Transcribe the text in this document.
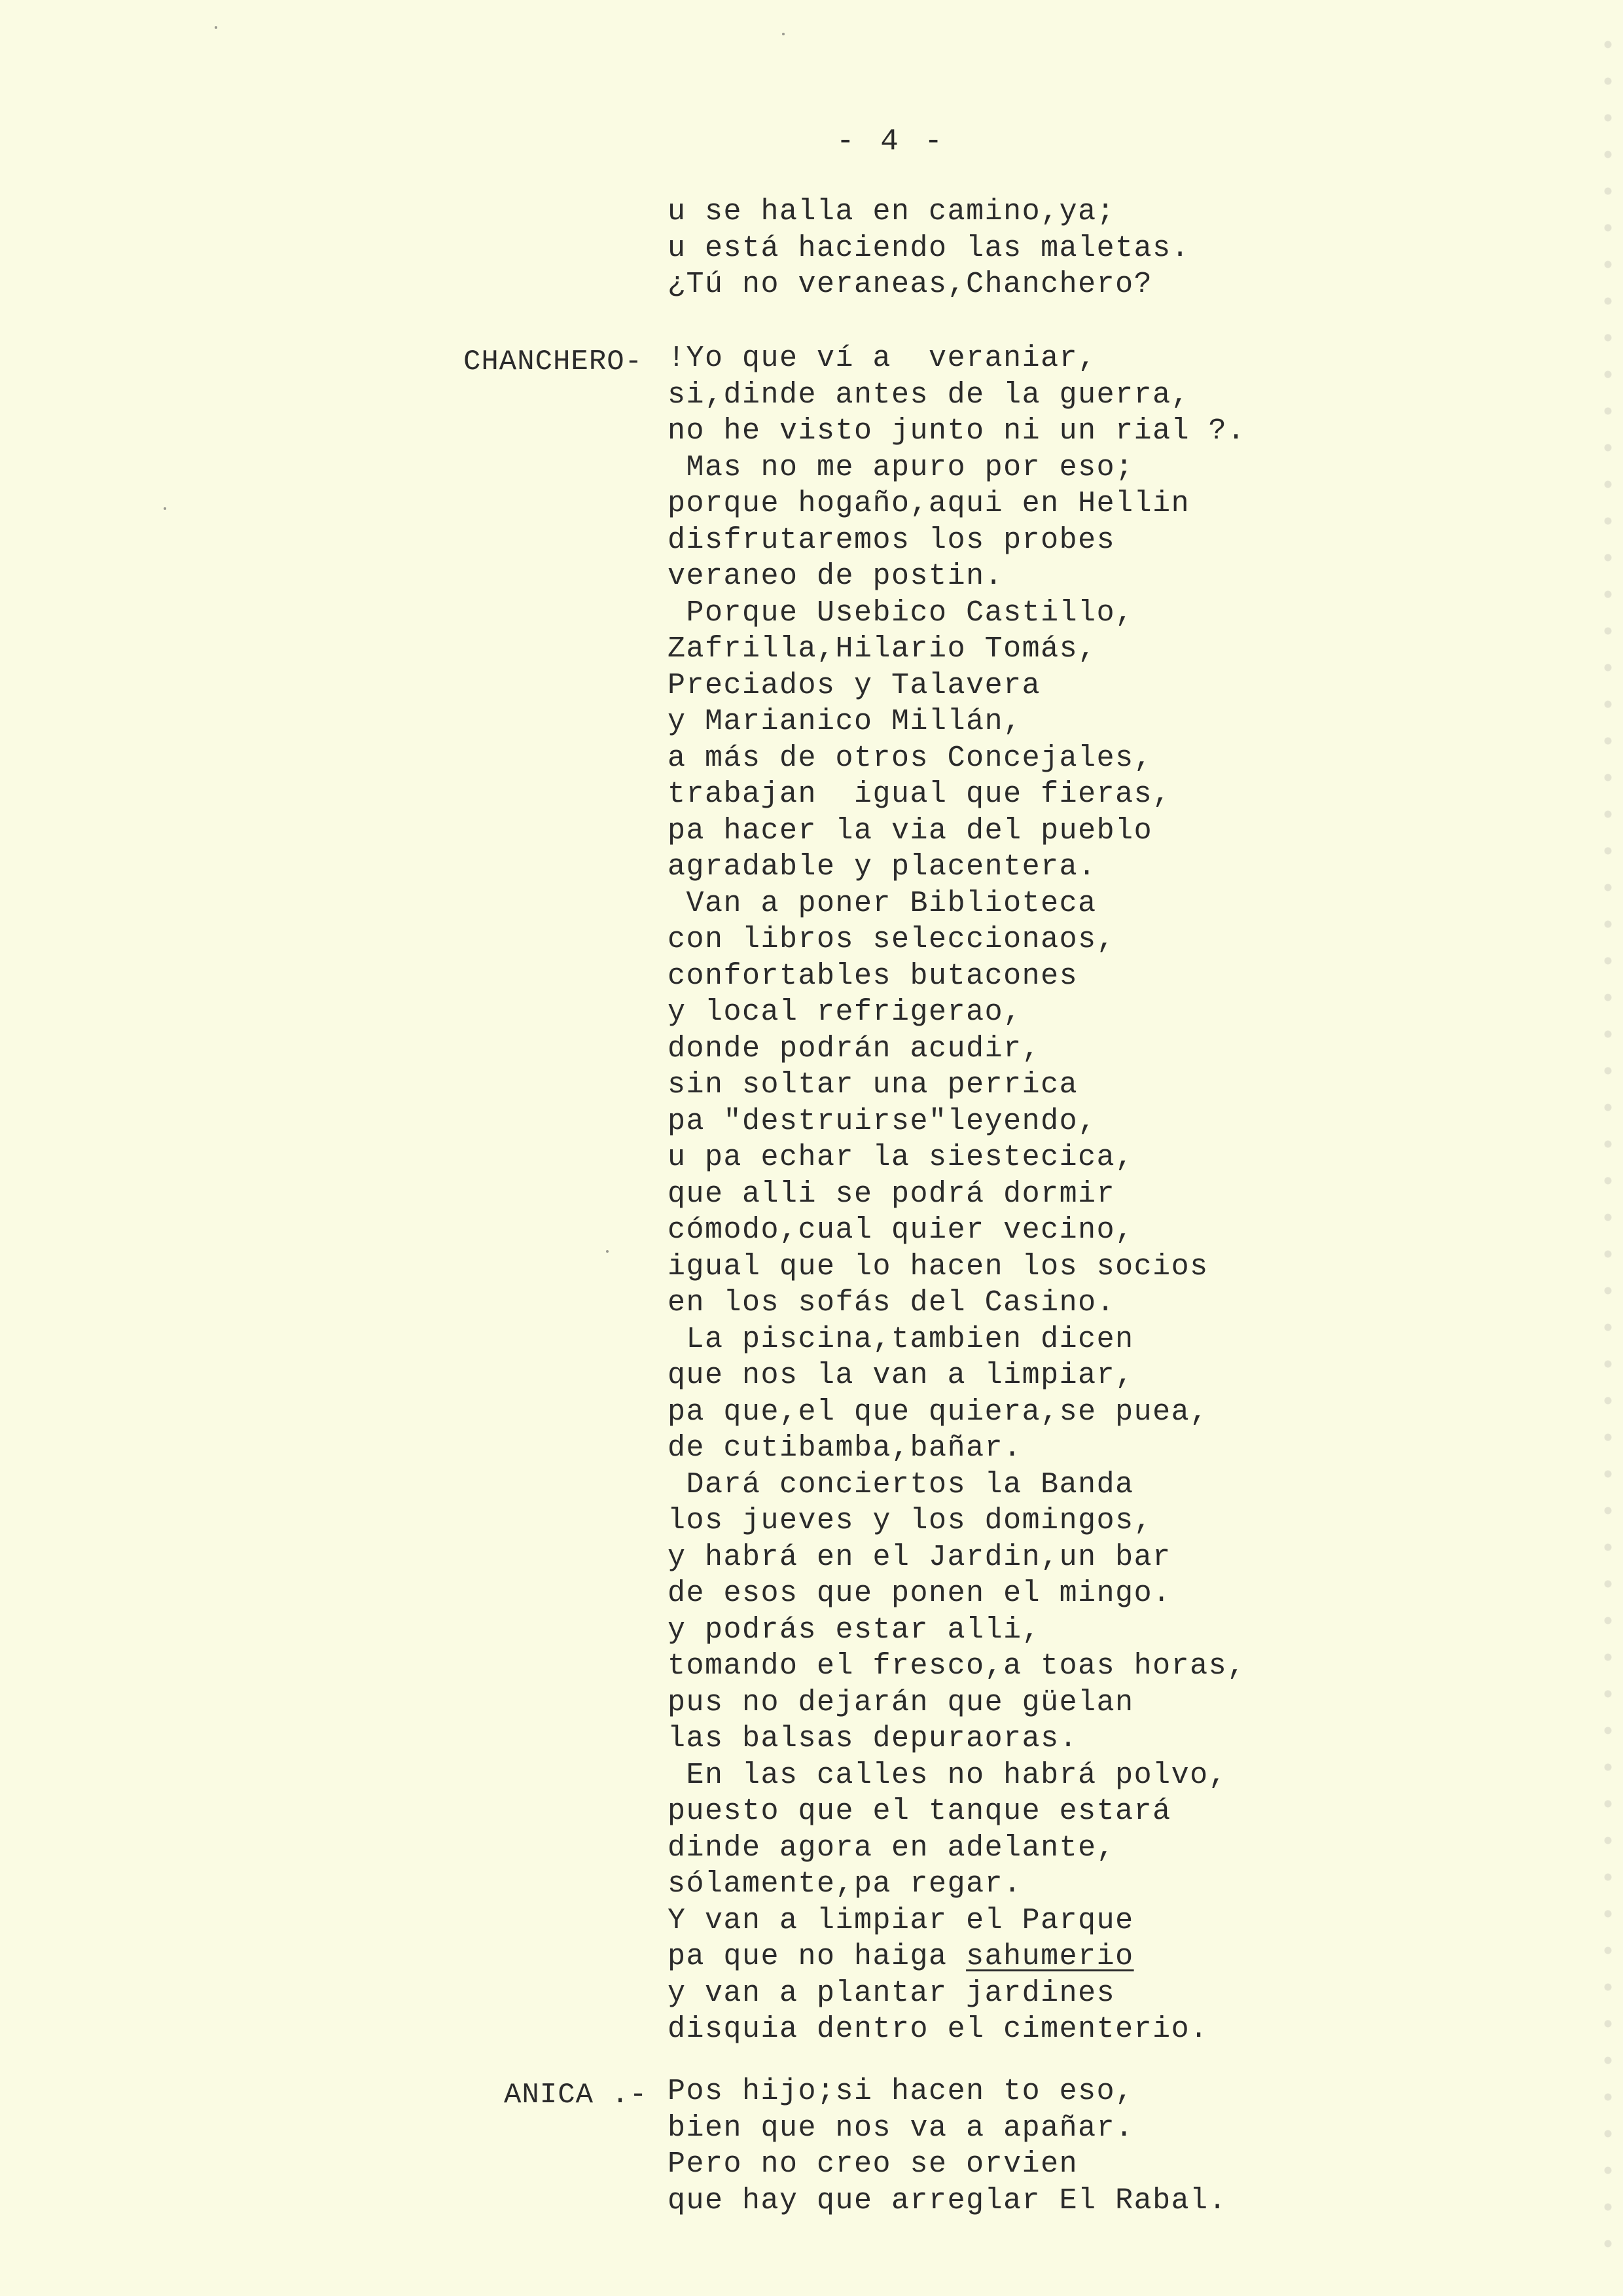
- 4 -
u se halla en camino,ya;
u está haciendo las maletas.
¿Tú no veraneas,Chanchero?
CHANCHERO- !Yo que ví a  veraniar,
si,dinde antes de la guerra,
no he visto junto ni un rial ?.
Mas no me apuro por eso;
porque hogaño,aqui en Hellin
disfrutaremos los probes
veraneo de postin.
Porque Usebico Castillo,
Zafrilla,Hilario Tomás,
Preciados y Talavera
y Marianico Millán,
a más de otros Concejales,
trabajan  igual que fieras,
pa hacer la via del pueblo
agradable y placentera.
Van a poner Biblioteca
con libros seleccionaos,
confortables butacones
y local refrigerao,
donde podrán acudir,
sin soltar una perrica
pa "destruirse"leyendo,
u pa echar la siestecica,
que alli se podrá dormir
cómodo,cual quier vecino,
igual que lo hacen los socios
en los sofás del Casino.
La piscina,tambien dicen
que nos la van a limpiar,
pa que,el que quiera,se puea,
de cutibamba,bañar.
Dará conciertos la Banda
los jueves y los domingos,
y habrá en el Jardin,un bar
de esos que ponen el mingo.
y podrás estar alli,
tomando el fresco,a toas horas,
pus no dejarán que güelan
las balsas depuraoras.
En las calles no habrá polvo,
puesto que el tanque estará
dinde agora en adelante,
sólamente,pa regar.
Y van a limpiar el Parque
pa que no haiga sahumerio
y van a plantar jardines
disquia dentro el cimenterio.
ANICA .- Pos hijo;si hacen to eso,
bien que nos va a apañar.
Pero no creo se orvien
que hay que arreglar El Rabal.
